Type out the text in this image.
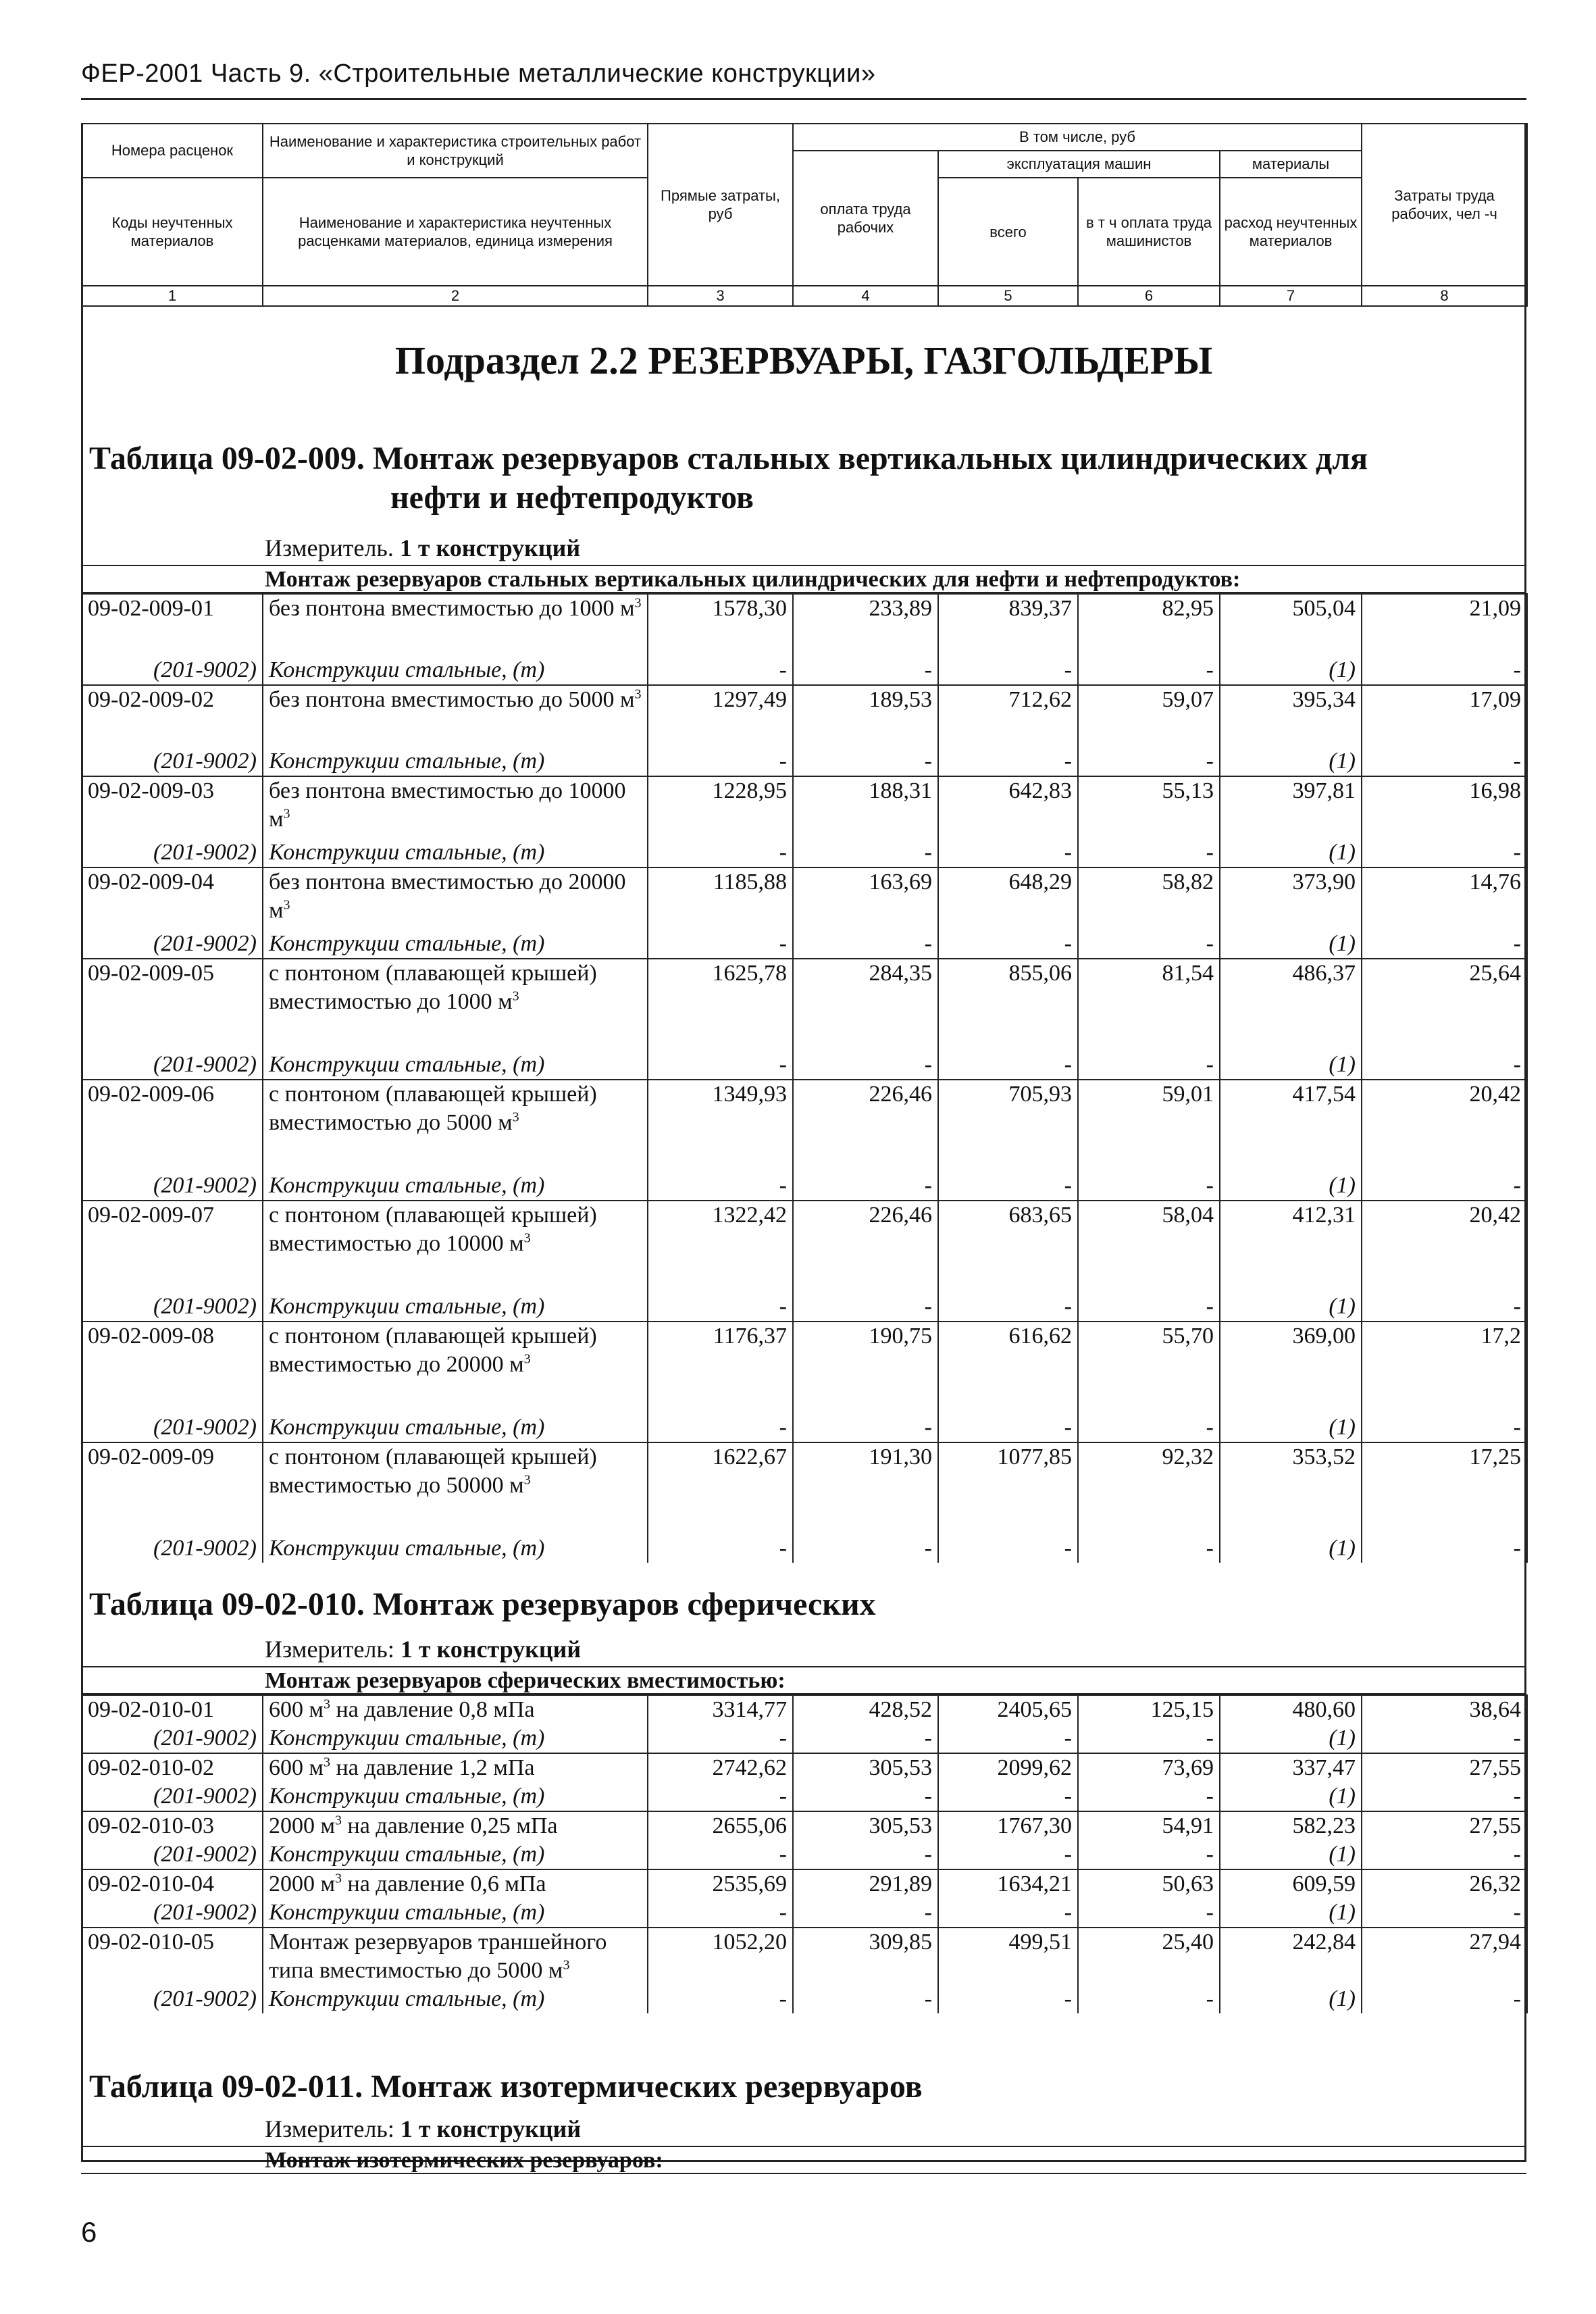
ФЕР-2001 Часть 9. «Строительные металлические конструкции»
Номера расценок	Наименование и характеристика строительных работ и конструкций	Прямые затраты, руб	В том числе, руб				Затраты труда рабочих, чел -ч
			оплата труда рабочих	эксплуатация машин		материалы	
Коды неучтенных материалов	Наименование и характеристика неучтенных расценками материалов, единица измерения			всего	в т ч оплата труда машинистов	расход неучтенных материалов	

1	2	3	4	5	6	7	8
Подраздел 2.2 РЕЗЕРВУАРЫ, ГАЗГОЛЬДЕРЫ
Таблица 09-02-009. Монтаж резервуаров стальных вертикальных цилиндрических для
нефти и нефтепродуктов
Измеритель. 1 т конструкций
Монтаж резервуаров стальных вертикальных цилиндрических для нефти и нефтепродуктов:
09-02-009-01	без понтона вместимостью до 1000 $м^3$	1578,30	233,89	839,37	82,95	505,04	21,09
(201-9002)	Конструкции стальные, (т)	-	-	-	-	(1)	-
09-02-009-02	без понтона вместимостью до 5000 $м^3$	1297,49	189,53	712,62	59,07	395,34	17,09
(201-9002)	Конструкции стальные, (т)	-	-	-	-	(1)	-
09-02-009-03	без понтона вместимостью до 10000 $м^3$	1228,95	188,31	642,83	55,13	397,81	16,98
(201-9002)	Конструкции стальные, (т)	-	-	-	-	(1)	-
09-02-009-04	без понтона вместимостью до 20000 $м^3$	1185,88	163,69	648,29	58,82	373,90	14,76
(201-9002)	Конструкции стальные, (т)	-	-	-	-	(1)	-
09-02-009-05	с понтоном (плавающей крышей) вместимостью до 1000 $м^3$	1625,78	284,35	855,06	81,54	486,37	25,64
(201-9002)	Конструкции стальные, (т)	-	-	-	-	(1)	-
09-02-009-06	с понтоном (плавающей крышей) вместимостью до 5000 $м^3$	1349,93	226,46	705,93	59,01	417,54	20,42
(201-9002)	Конструкции стальные, (т)	-	-	-	-	(1)	-
09-02-009-07	с понтоном (плавающей крышей) вместимостью до 10000 $м^3$	1322,42	226,46	683,65	58,04	412,31	20,42
(201-9002)	Конструкции стальные, (т)	-	-	-	-	(1)	-
09-02-009-08	с понтоном (плавающей крышей) вместимостью до 20000 $м^3$	1176,37	190,75	616,62	55,70	369,00	17,2
(201-9002)	Конструкции стальные, (т)	-	-	-	-	(1)	-
09-02-009-09	с понтоном (плавающей крышей) вместимостью до 50000 $м^3$	1622,67	191,30	1077,85	92,32	353,52	17,25
(201-9002)	Конструкции стальные, (т)	-	-	-	-	(1)	-
Таблица 09-02-010. Монтаж резервуаров сферических
Измеритель: 1 т конструкций
Монтаж резервуаров сферических вместимостью:
09-02-010-01	600 $м^3$ на давление 0,8 мПа	3314,77	428,52	2405,65	125,15	480,60	38,64
(201-9002)	Конструкции стальные, (т)	-	-	-	-	(1)	-
09-02-010-02	600 $м^3$ на давление 1,2 мПа	2742,62	305,53	2099,62	73,69	337,47	27,55
(201-9002)	Конструкции стальные, (т)	-	-	-	-	(1)	-
09-02-010-03	2000 $м^3$ на давление 0,25 мПа	2655,06	305,53	1767,30	54,91	582,23	27,55
(201-9002)	Конструкции стальные, (т)	-	-	-	-	(1)	-
09-02-010-04	2000 $м^3$ на давление 0,6 мПа	2535,69	291,89	1634,21	50,63	609,59	26,32
(201-9002)	Конструкции стальные, (т)	-	-	-	-	(1)	-
09-02-010-05	Монтаж резервуаров траншейного типа вместимостью до 5000 $м^3$	1052,20	309,85	499,51	25,40	242,84	27,94
(201-9002)	Конструкции стальные, (т)	-	-	-	-	(1)	-
Таблица 09-02-011. Монтаж изотермических резервуаров
Измеритель: 1 т конструкций
Монтаж изотермических резервуаров:
6
